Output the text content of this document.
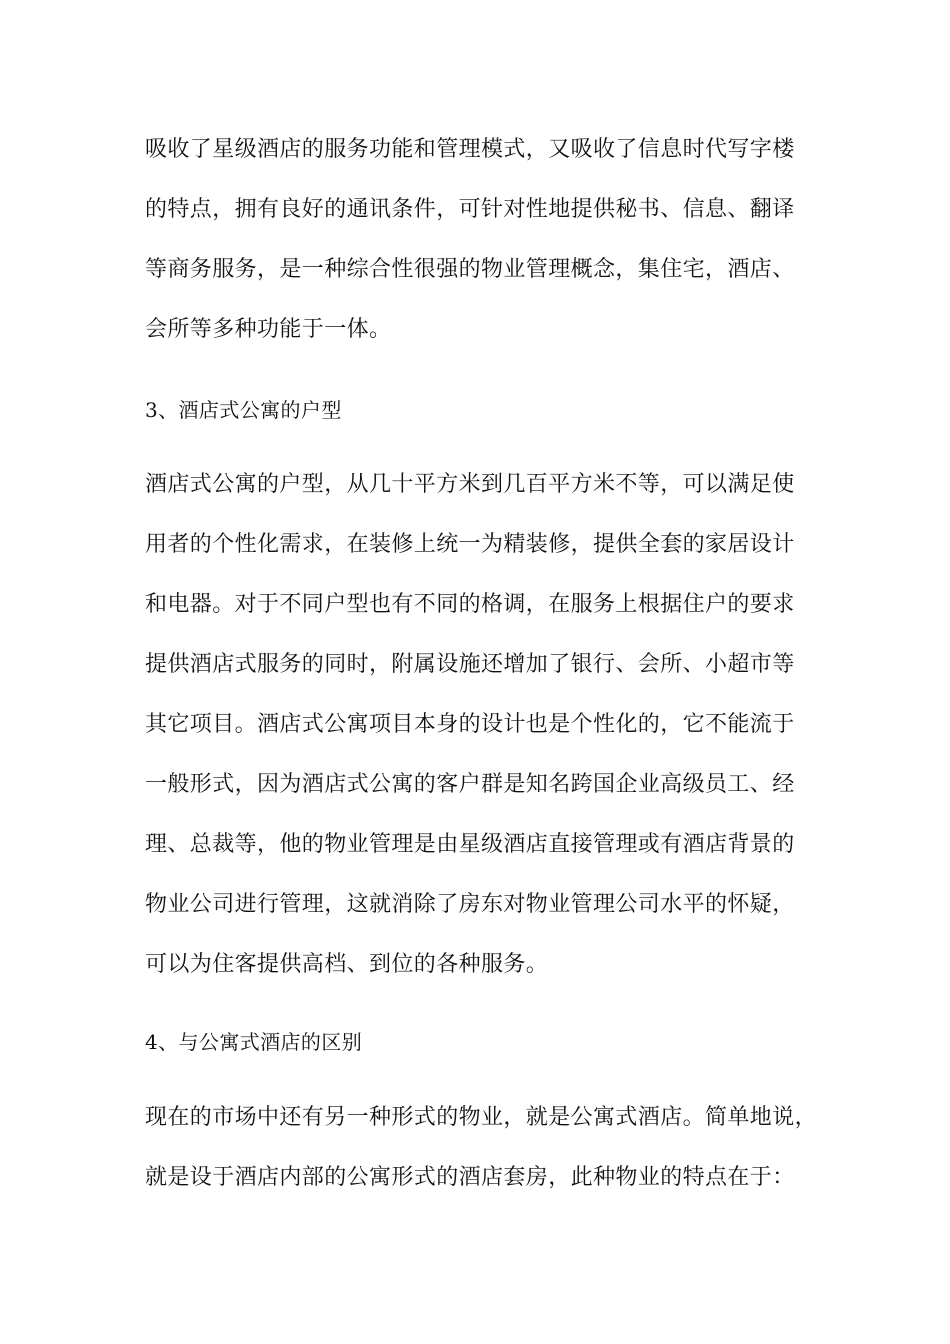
吸收了星级酒店的服务功能和管理模式，又吸收了信息时代写字楼
的特点，拥有良好的通讯条件，可针对性地提供秘书、信息、翻译
等商务服务，是一种综合性很强的物业管理概念，集住宅，酒店、
会所等多种功能于一体。
3、酒店式公寓的户型
酒店式公寓的户型，从几十平方米到几百平方米不等，可以满足使
用者的个性化需求，在装修上统一为精装修，提供全套的家居设计
和电器。对于不同户型也有不同的格调，在服务上根据住户的要求
提供酒店式服务的同时，附属设施还增加了银行、会所、小超市等
其它项目。酒店式公寓项目本身的设计也是个性化的，它不能流于
一般形式，因为酒店式公寓的客户群是知名跨国企业高级员工、经
理、总裁等，他的物业管理是由星级酒店直接管理或有酒店背景的
物业公司进行管理，这就消除了房东对物业管理公司水平的怀疑，
可以为住客提供高档、到位的各种服务。
4、与公寓式酒店的区别
现在的市场中还有另一种形式的物业，就是公寓式酒店。简单地说，
就是设于酒店内部的公寓形式的酒店套房，此种物业的特点在于：
